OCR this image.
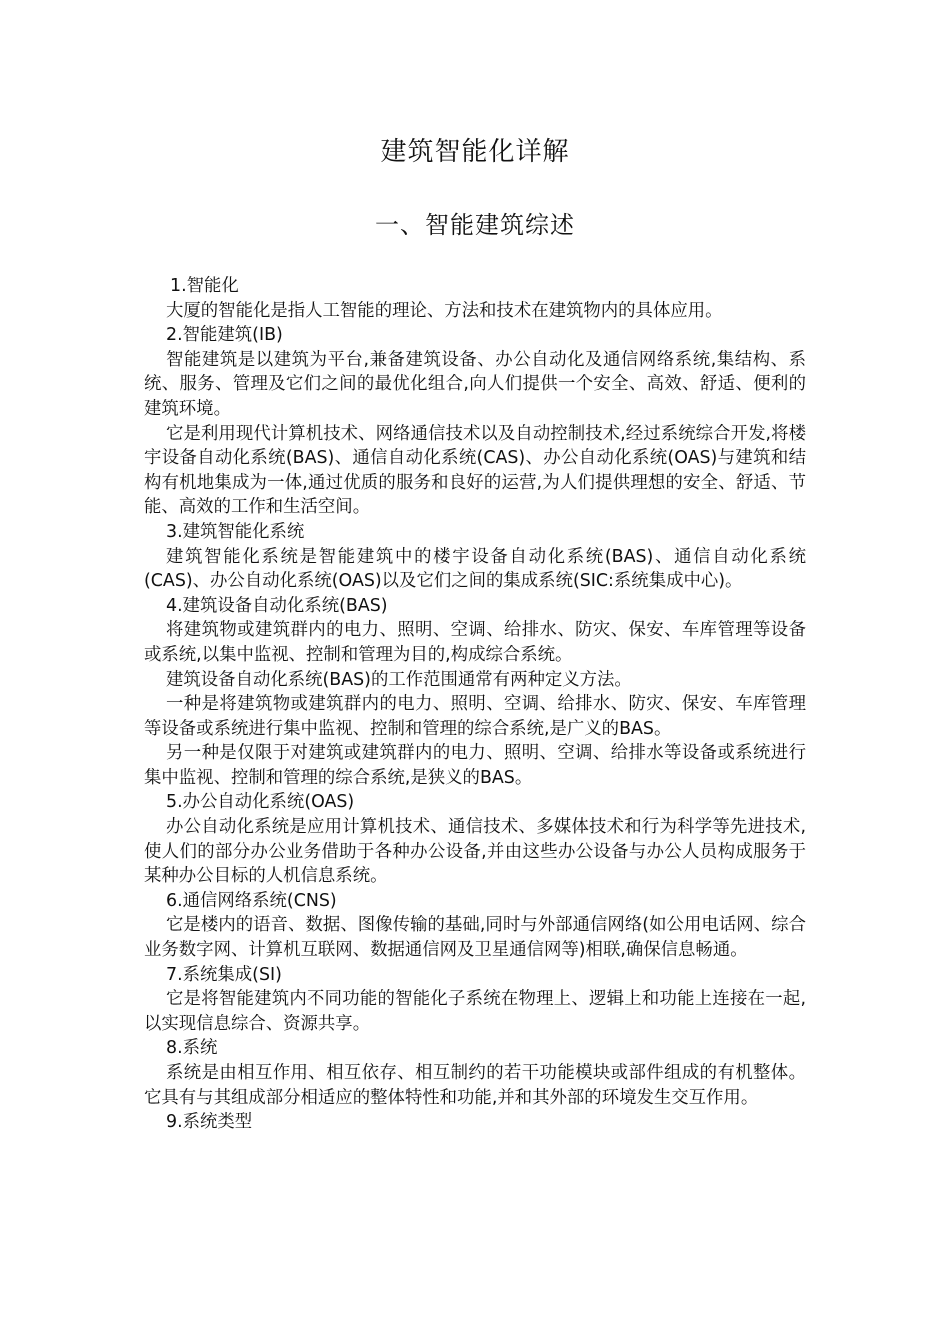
建筑智能化详解
一、智能建筑综述

1.智能化

大厦的智能化是指人工智能的理论、方法和技术在建筑物内的具体应用。

2.智能建筑(IB)

智能建筑是以建筑为平台,兼备建筑设备、办公自动化及通信网络系统,集结构、系统、服务、管理及它们之间的最优化组合,向人们提供一个安全、高效、舒适、便利的建筑环境。

它是利用现代计算机技术、网络通信技术以及自动控制技术,经过系统综合开发,将楼宇设备自动化系统(BAS)、通信自动化系统(CAS)、办公自动化系统(OAS)与建筑和结构有机地集成为一体,通过优质的服务和良好的运营,为人们提供理想的安全、舒适、节能、高效的工作和生活空间。

3.建筑智能化系统

建筑智能化系统是智能建筑中的楼宇设备自动化系统(BAS)、通信自动化系统(CAS)、办公自动化系统(OAS)以及它们之间的集成系统(SIC:系统集成中心)。

4.建筑设备自动化系统(BAS)

将建筑物或建筑群内的电力、照明、空调、给排水、防灾、保安、车库管理等设备或系统,以集中监视、控制和管理为目的,构成综合系统。

建筑设备自动化系统(BAS)的工作范围通常有两种定义方法。

一种是将建筑物或建筑群内的电力、照明、空调、给排水、防灾、保安、车库管理等设备或系统进行集中监视、控制和管理的综合系统,是广义的BAS。

另一种是仅限于对建筑或建筑群内的电力、照明、空调、给排水等设备或系统进行集中监视、控制和管理的综合系统,是狭义的BAS。

5.办公自动化系统(OAS)

办公自动化系统是应用计算机技术、通信技术、多媒体技术和行为科学等先进技术,使人们的部分办公业务借助于各种办公设备,并由这些办公设备与办公人员构成服务于某种办公目标的人机信息系统。

6.通信网络系统(CNS)

它是楼内的语音、数据、图像传输的基础,同时与外部通信网络(如公用电话网、综合业务数字网、计算机互联网、数据通信网及卫星通信网等)相联,确保信息畅通。

7.系统集成(SI)

它是将智能建筑内不同功能的智能化子系统在物理上、逻辑上和功能上连接在一起,以实现信息综合、资源共享。

8.系统

系统是由相互作用、相互依存、相互制约的若干功能模块或部件组成的有机整体。它具有与其组成部分相适应的整体特性和功能,并和其外部的环境发生交互作用。

9.系统类型
